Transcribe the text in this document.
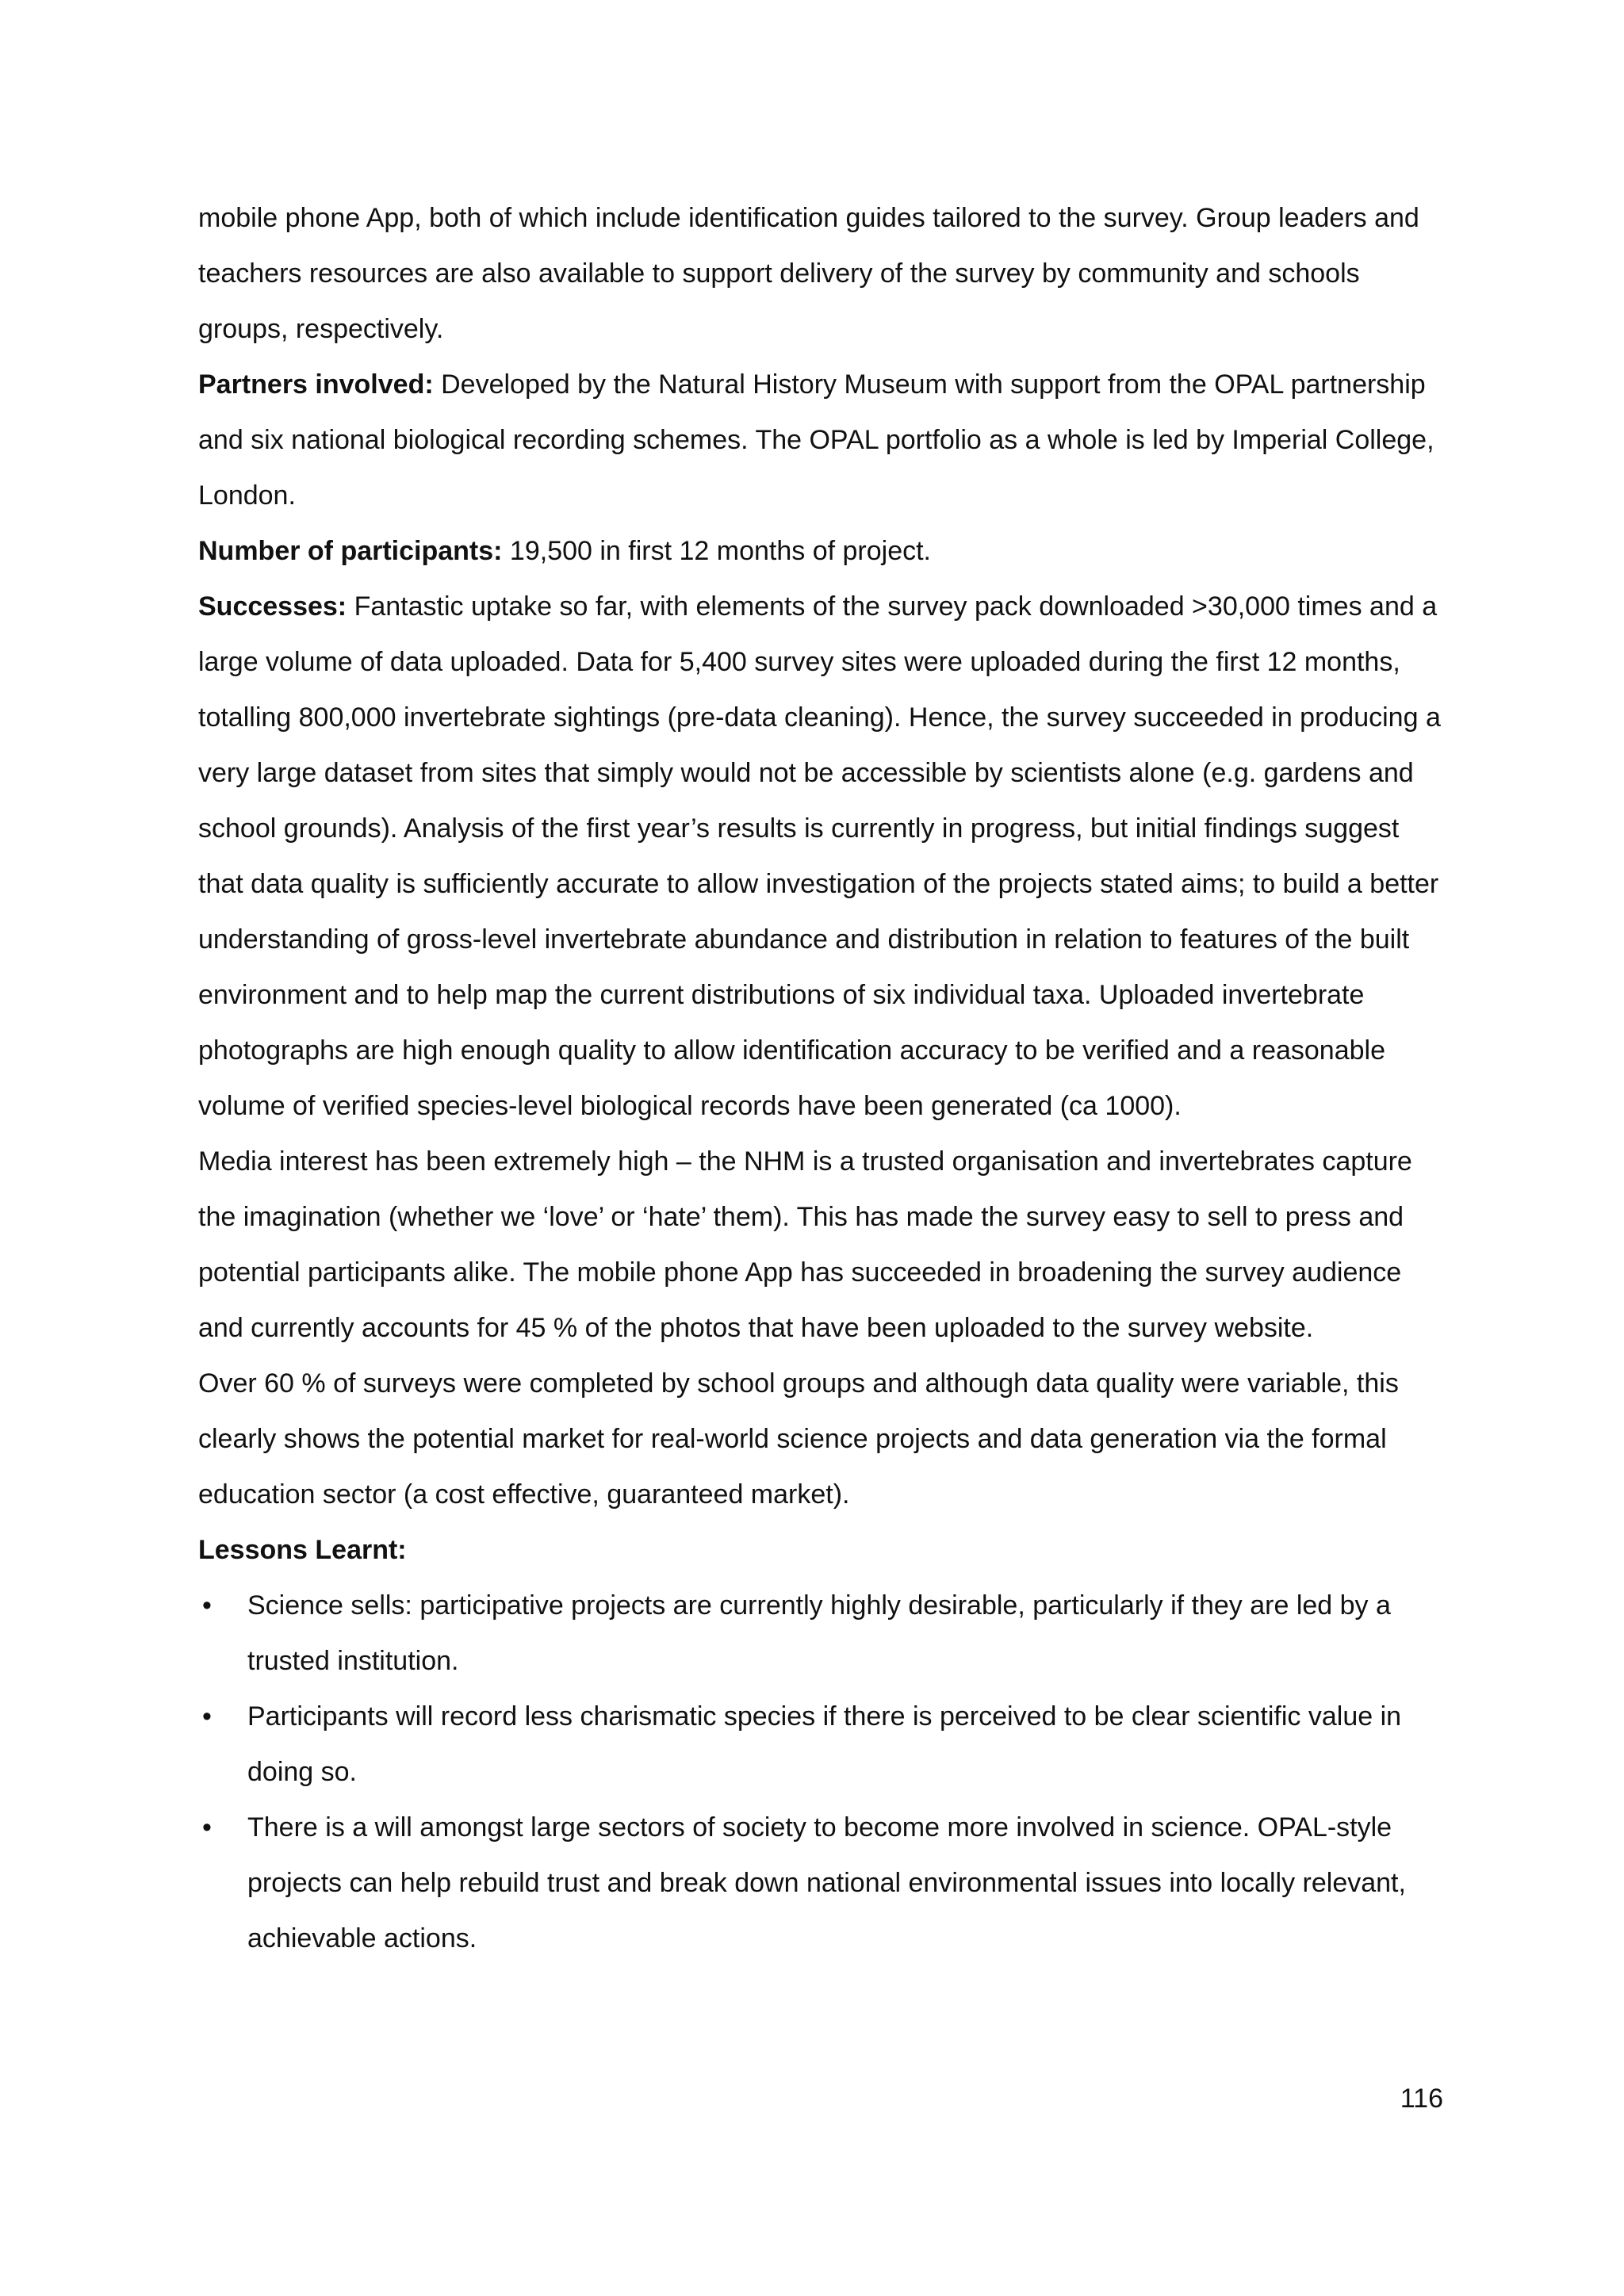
mobile phone App, both of which include identification guides tailored to the survey. Group leaders and teachers resources are also available to support delivery of the survey by community and schools groups, respectively.

Partners involved: Developed by the Natural History Museum with support from the OPAL partnership and six national biological recording schemes. The OPAL portfolio as a whole is led by Imperial College, London.

Number of participants: 19,500 in first 12 months of project.

Successes: Fantastic uptake so far, with elements of the survey pack downloaded >30,000 times and a large volume of data uploaded. Data for 5,400 survey sites were uploaded during the first 12 months, totalling 800,000 invertebrate sightings (pre-data cleaning). Hence, the survey succeeded in producing a very large dataset from sites that simply would not be accessible by scientists alone (e.g. gardens and school grounds). Analysis of the first year’s results is currently in progress, but initial findings suggest that data quality is sufficiently accurate to allow investigation of the projects stated aims; to build a better understanding of gross-level invertebrate abundance and distribution in relation to features of the built environment and to help map the current distributions of six individual taxa. Uploaded invertebrate photographs are high enough quality to allow identification accuracy to be verified and a reasonable volume of verified species-level biological records have been generated (ca 1000).

Media interest has been extremely high – the NHM is a trusted organisation and invertebrates capture the imagination (whether we ‘love’ or ‘hate’ them). This has made the survey easy to sell to press and potential participants alike. The mobile phone App has succeeded in broadening the survey audience and currently accounts for 45 % of the photos that have been uploaded to the survey website.

Over 60 % of surveys were completed by school groups and although data quality were variable, this clearly shows the potential market for real-world science projects and data generation via the formal education sector (a cost effective, guaranteed market).

Lessons Learnt:

• Science sells: participative projects are currently highly desirable, particularly if they are led by a trusted institution.
• Participants will record less charismatic species if there is perceived to be clear scientific value in doing so.
• There is a will amongst large sectors of society to become more involved in science. OPAL-style projects can help rebuild trust and break down national environmental issues into locally relevant, achievable actions.
116
